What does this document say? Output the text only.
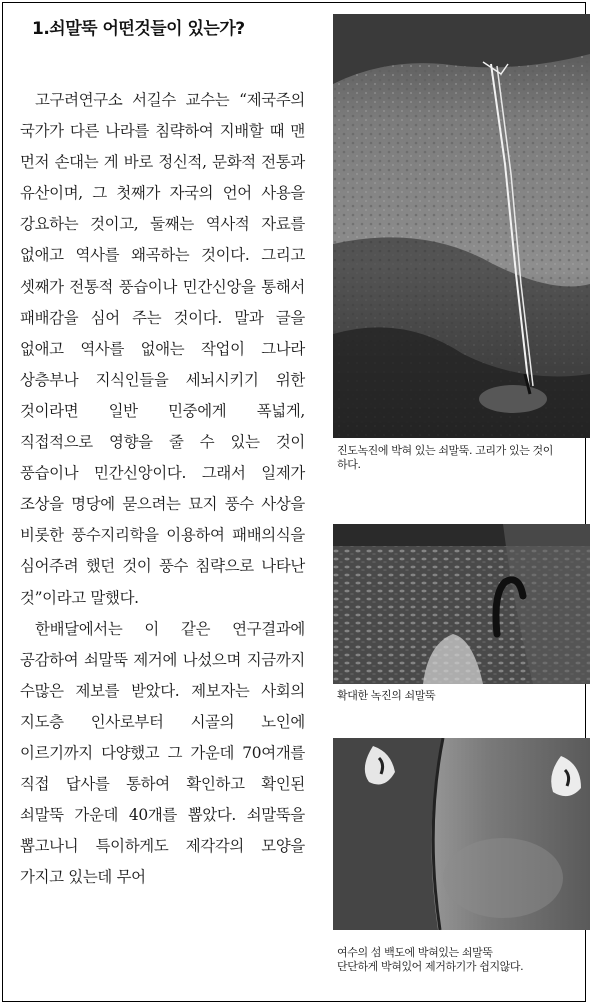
1.쇠말뚝 어떤것들이 있는가?

고구려연구소 서길수 교수는 “제국주의 국가가 다른 나라를 침략하여 지배할 때 맨 먼저 손대는 게 바로 정신적, 문화적 전통과 유산이며, 그 첫째가 자국의 언어 사용을 강요하는 것이고, 둘째는 역사적 자료를 없애고 역사를 왜곡하는 것이다. 그리고 셋째가 전통적 풍습이나 민간신앙을 통해서 패배감을 심어 주는 것이다. 말과 글을 없애고 역사를 없애는 작업이 그나라 상층부나 지식인들을 세뇌시키기 위한 것이라면 일반 민중에게 폭넓게, 직접적으로 영향을 줄 수 있는 것이 풍습이나 민간신앙이다. 그래서 일제가 조상을 명당에 묻으려는 묘지 풍수 사상을 비롯한 풍수지리학을 이용하여 패배의식을 심어주려 했던 것이 풍수 침략으로 나타난 것”이라고 말했다.

한배달에서는 이 같은 연구결과에 공감하여 쇠말뚝 제거에 나섰으며 지금까지 수많은 제보를 받았다. 제보자는 사회의 지도층 인사로부터 시골의 노인에 이르기까지 다양했고 그 가운데 70여개를 직접 답사를 통하여 확인하고 확인된 쇠말뚝 가운데 40개를 뽑았다. 쇠말뚝을 뽑고나니 특이하게도 제각각의 모양을 가지고 있는데 무어

진도녹진에 박혀 있는 쇠말뚝. 고리가 있는 것이
하다.
확대한 녹진의 쇠말뚝
여수의 섬 백도에 박혀있는 쇠말뚝
단단하게 박혀있어 제거하기가 쉽지않다.
